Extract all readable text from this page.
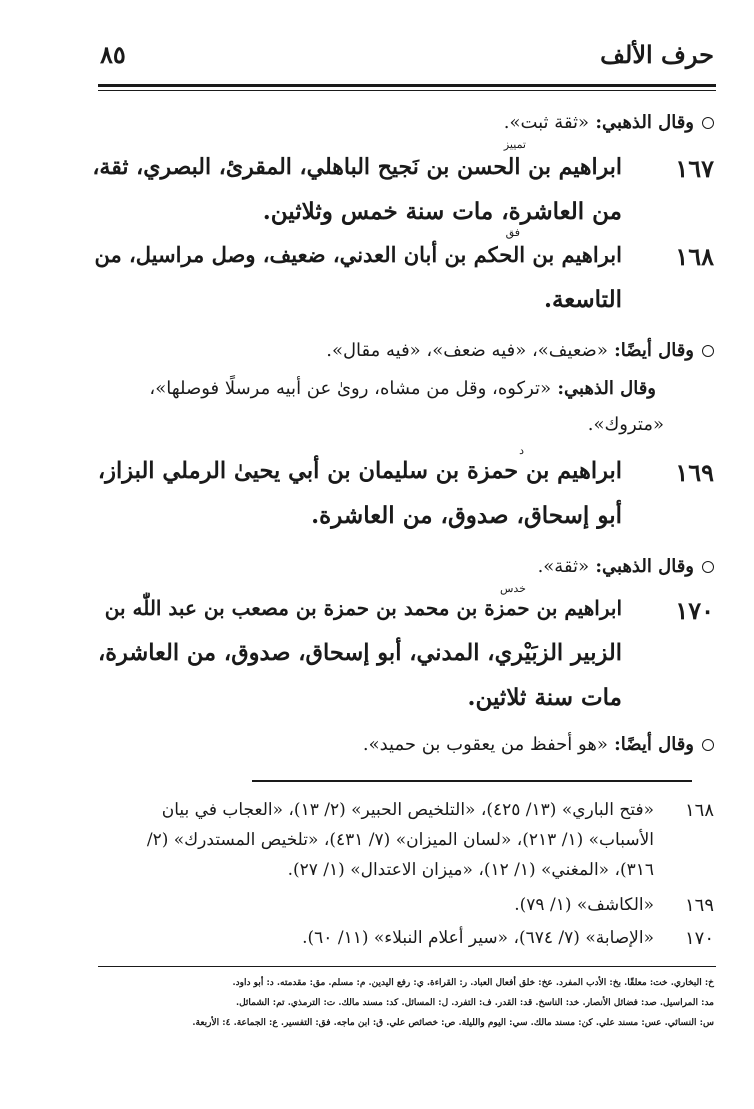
حرف الألف
٨٥
وقال الذهبي: «ثقة ثبت».
تمييز
١٦٧
ابراهيم بن الحسن بن نَجيح الباهلي، المقرئ، البصري، ثقة،
من العاشرة، مات سنة خمس وثلاثين.
فق
١٦٨
ابراهيم بن الحكم بن أبان العدني، ضعيف، وصل مراسيل، من
التاسعة.
وقال أيضًا: «ضعيف»، «فيه ضعف»، «فيه مقال».
وقال الذهبي: «تركوه، وقل من مشاه، روىٰ عن أبيه مرسلًا فوصلها»،
«متروك».
د
١٦٩
ابراهيم بن حمزة بن سليمان بن أبي يحيىٰ الرملي البزاز،
أبو إسحاق، صدوق، من العاشرة.
وقال الذهبي: «ثقة».
خدس
١٧٠
ابراهيم بن حمزة بن محمد بن حمزة بن مصعب بن عبد اللّٰه بن
الزبير الزبَيْري، المدني، أبو إسحاق، صدوق، من العاشرة،
مات سنة ثلاثين.
وقال أيضًا: «هو أحفظ من يعقوب بن حميد».
١٦٨
«فتح الباري» (١٣/ ٤٢٥)، «التلخيص الحبير» (٢/ ١٣)، «العجاب في بيان
الأسباب» (١/ ٢١٣)، «لسان الميزان» (٧/ ٤٣١)، «تلخيص المستدرك» (٢/
٣١٦)، «المغني» (١/ ١٢)، «ميزان الاعتدال» (١/ ٢٧).
١٦٩
«الكاشف» (١/ ٧٩).
١٧٠
«الإصابة» (٧/ ٦٧٤)، «سير أعلام النبلاء» (١١/ ٦٠).
خ: البخاري. خت: معلقًا. بخ: الأدب المفرد. عخ: خلق أفعال العباد. ر: القراءة. ي: رفع اليدين. م: مسلم. مق: مقدمته. د: أبو داود.
مد: المراسيل. صد: فضائل الأنصار. خد: الناسخ. قد: القدر. ف: التفرد. ل: المسائل. كد: مسند مالك. ت: الترمذي. تم: الشمائل.
س: النسائي. عس: مسند علي. كن: مسند مالك. سي: اليوم والليلة. ص: خصائص علي. ق: ابن ماجه. فق: التفسير. ع: الجماعة. ٤: الأربعة.
